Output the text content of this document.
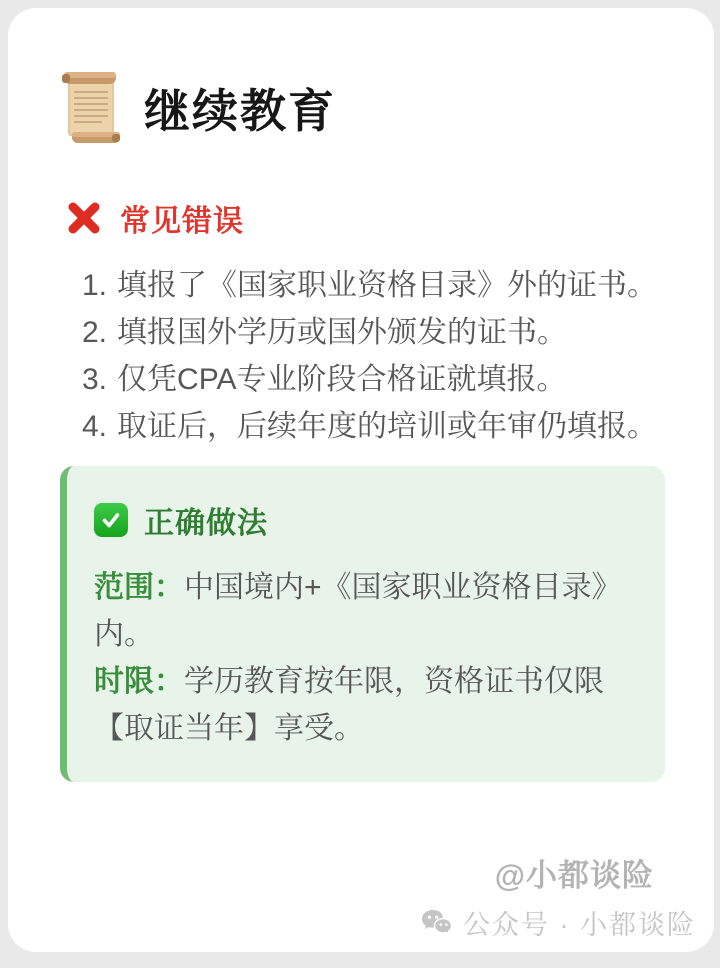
继续教育
常见错误
1. 填报了《国家职业资格目录》外的证书。
2. 填报国外学历或国外颁发的证书。
3. 仅凭CPA专业阶段合格证就填报。
4. 取证后，后续年度的培训或年审仍填报。
正确做法
范围：中国境内+《国家职业资格目录》内。
时限：学历教育按年限，资格证书仅限【取证当年】享受。
@小都谈险
公众号 · 小都谈险
